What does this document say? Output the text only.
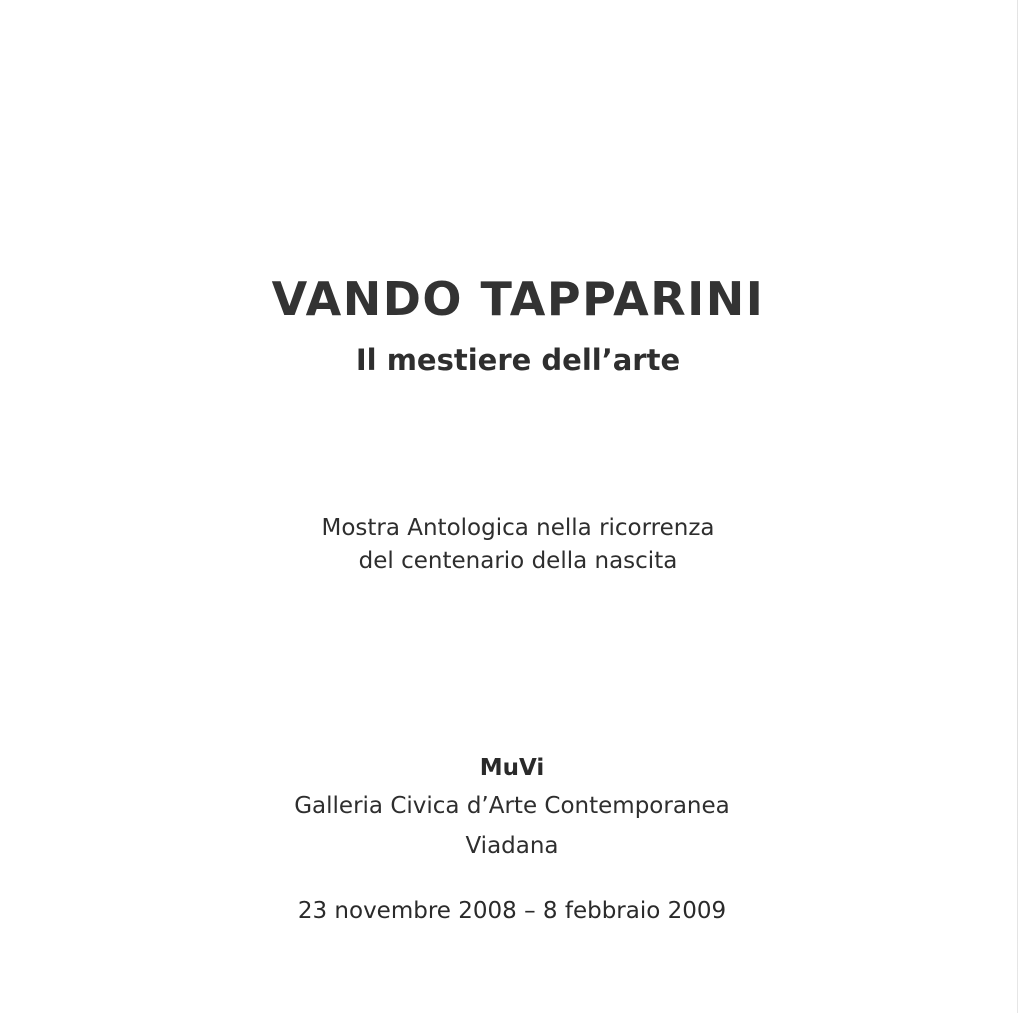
VANDO TAPPARINI
Il mestiere dell’arte
Mostra Antologica nella ricorrenza
del centenario della nascita
MuVi
Galleria Civica d’Arte Contemporanea
Viadana
23 novembre 2008 – 8 febbraio 2009
